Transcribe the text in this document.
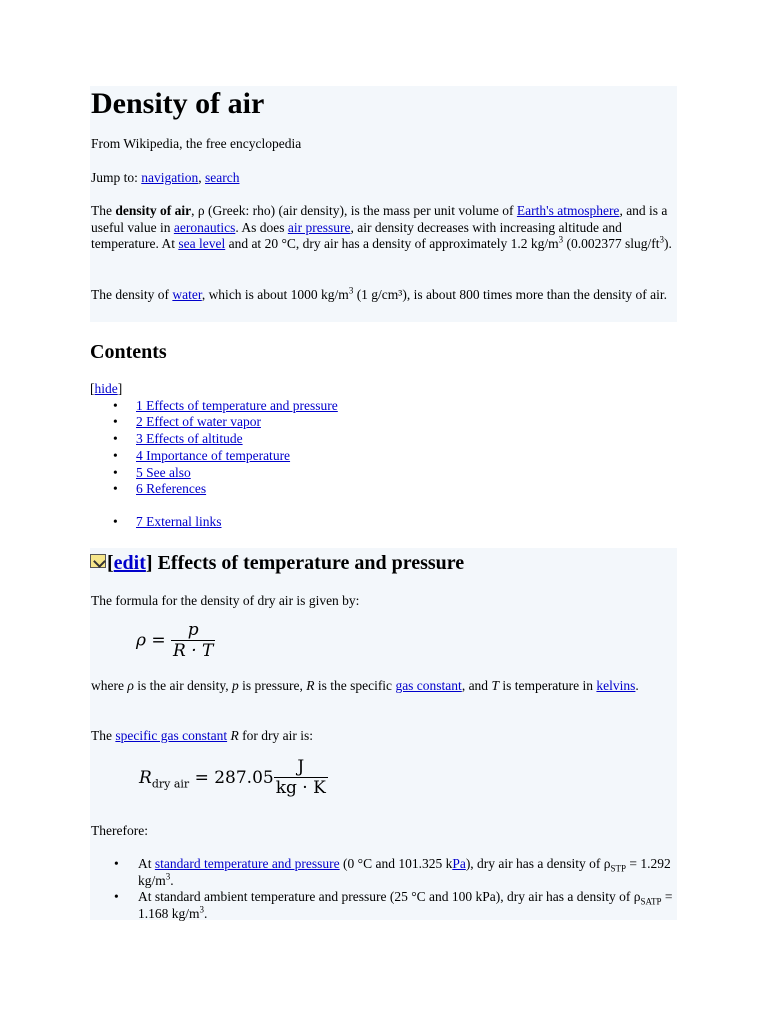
Density of air
From Wikipedia, the free encyclopedia
Jump to: navigation, search

The density of air, ρ (Greek: rho) (air density), is the mass per unit volume of Earth's atmosphere, and is a useful value in aeronautics. As does air pressure, air density decreases with increasing altitude and temperature. At sea level and at 20 °C, dry air has a density of approximately 1.2 $kg/m^3$ (0.002377 slug/$ft^3$).

The density of water, which is about 1000 $kg/m^3$ (1 g/cm³), is about 800 times more than the density of air.

Contents
[hide]
• 1 Effects of temperature and pressure
• 2 Effect of water vapor
• 3 Effects of altitude
• 4 Importance of temperature
• 5 See also
• 6 References
• 7 External links
[edit] Effects of temperature and pressure
The formula for the density of dry air is given by:
$\rho = \frac{p}{R \cdot T}$

where ρ is the air density, p is pressure, R is the specific gas constant, and T is temperature in kelvins.

The specific gas constant R for dry air is:

$R_{dry air} = 287.05 \frac{J}{kg \cdot K}$
Therefore:
• At standard temperature and pressure (0 °C and 101.325 kPa), dry air has a density of $\rho_{STP} = 1.292$ $kg/m^3$.
• At standard ambient temperature and pressure (25 °C and 100 kPa), dry air has a density of $\rho_{SATP} = 1.168$ $kg/m^3$.
